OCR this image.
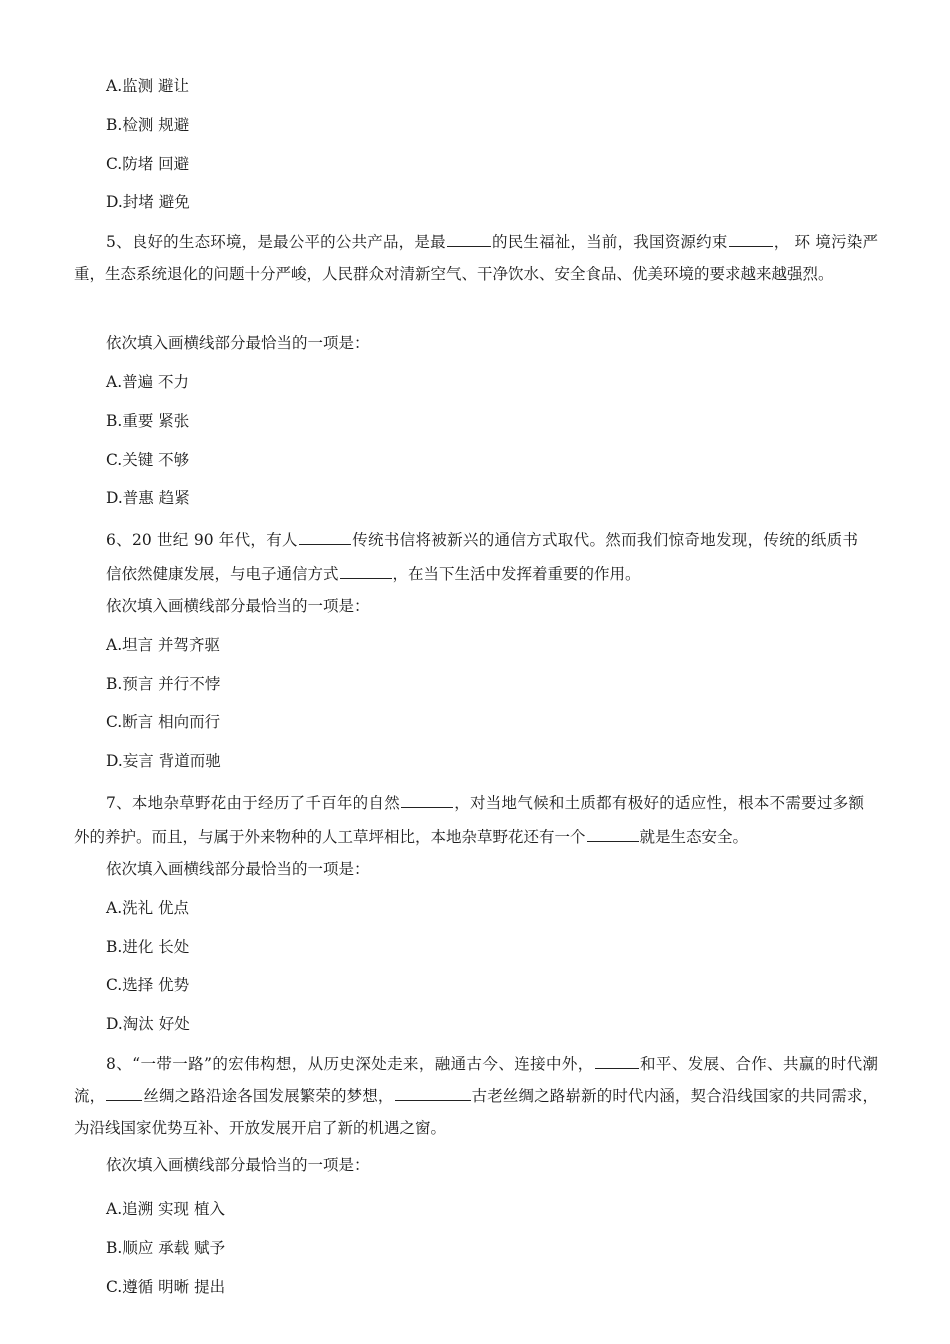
A.监测 避让
B.检测 规避
C.防堵 回避
D.封堵 避免
5、良好的生态环境，是最公平的公共产品，是最	的民生福祉，当前，我国资源约束	， 环 境污染严重，生态系统退化的问题十分严峻，人民群众对清新空气、干净饮水、安全食品、优美环境的要求越来越强烈。
依次填入画横线部分最恰当的一项是：
A.普遍 不力
B.重要 紧张
C.关键 不够
D.普惠 趋紧
6、20 世纪 90 年代，有人	传统书信将被新兴的通信方式取代。然而我们惊奇地发现，传统的纸质书信依然健康发展，与电子通信方式	，在当下生活中发挥着重要的作用。
依次填入画横线部分最恰当的一项是：
A.坦言 并驾齐驱
B.预言 并行不悖
C.断言 相向而行
D.妄言 背道而驰
7、本地杂草野花由于经历了千百年的自然	，对当地气候和土质都有极好的适应性，根本不需要过多额外的养护。而且，与属于外来物种的人工草坪相比，本地杂草野花还有一个	就是生态安全。
依次填入画横线部分最恰当的一项是：
A.洗礼 优点
B.进化 长处
C.选择 优势
D.淘汰 好处
8、“一带一路”的宏伟构想，从历史深处走来，融通古今、连接中外，	和平、发展、合作、共赢的时代潮流， 丝绸之路沿途各国发展繁荣的梦想，	古老丝绸之路崭新的时代内涵，契合沿线国家的共同需求，为沿线国家优势互补、开放发展开启了新的机遇之窗。
依次填入画横线部分最恰当的一项是：
A.追溯 实现 植入
B.顺应 承载 赋予
C.遵循 明晰 提出
